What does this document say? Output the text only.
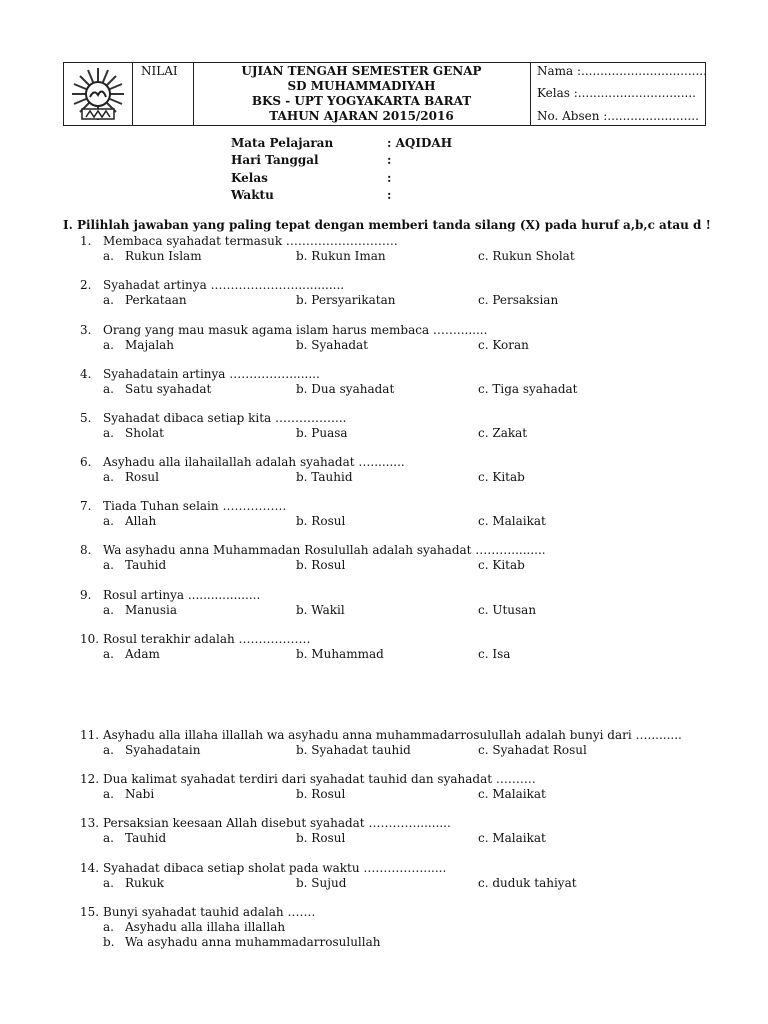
NILAI	UJIAN TENGAH SEMESTER GENAP
SD MUHAMMADIYAH
BKS - UPT YOGYAKARTA BARAT
TAHUN AJARAN 2015/2016
Nama :.................................
Kelas :...............................
No. Absen :........................
Mata Pelajaran	: AQIDAH
Hari Tanggal	:
Kelas	:
Waktu	:
I. Pilihlah jawaban yang paling tepat dengan memberi tanda silang (X) pada huruf a,b,c atau d !
1. Membaca syahadat termasuk ……………………….
a. Rukun Islam	b. Rukun Iman	c. Rukun Sholat
2. Syahadat artinya ………………….............
a. Perkataan	b. Persyarikatan	c. Persaksian
3. Orang yang mau masuk agama islam harus membaca ……........
a. Majalah	b. Syahadat	c. Koran
4. Syahadatain artinya ……………........
a. Satu syahadat	b. Dua syahadat	c. Tiga syahadat
5. Syahadat dibaca setiap kita ……………...
a. Sholat	b. Puasa	c. Zakat
6. Asyhadu alla ilahailallah adalah syahadat ….........
a. Rosul	b. Tauhid	c. Kitab
7. Tiada Tuhan selain …………….
a. Allah	b. Rosul	c. Malaikat
8. Wa asyhadu anna Muhammadan Rosulullah adalah syahadat ……….........
a. Tauhid	b. Rosul	c. Kitab
9. Rosul artinya ...................
a. Manusia	b. Wakil	c. Utusan
10. Rosul terakhir adalah ………………
a. Adam	b. Muhammad	c. Isa
11. Asyhadu alla illaha illallah wa asyhadu anna muhammadarrosulullah adalah bunyi dari ….........
a. Syahadatain	b. Syahadat tauhid	c. Syahadat Rosul
12. Dua kalimat syahadat terdiri dari syahadat tauhid dan syahadat ……….
a. Nabi	b. Rosul	c. Malaikat
13. Persaksian keesaan Allah disebut syahadat ………….........
a. Tauhid	b. Rosul	c. Malaikat
14. Syahadat dibaca setiap sholat pada waktu ……………......
a. Rukuk	b. Sujud	c. duduk tahiyat
15. Bunyi syahadat tauhid adalah …….
a. Asyhadu alla illaha illallah
b. Wa asyhadu anna muhammadarrosulullah
